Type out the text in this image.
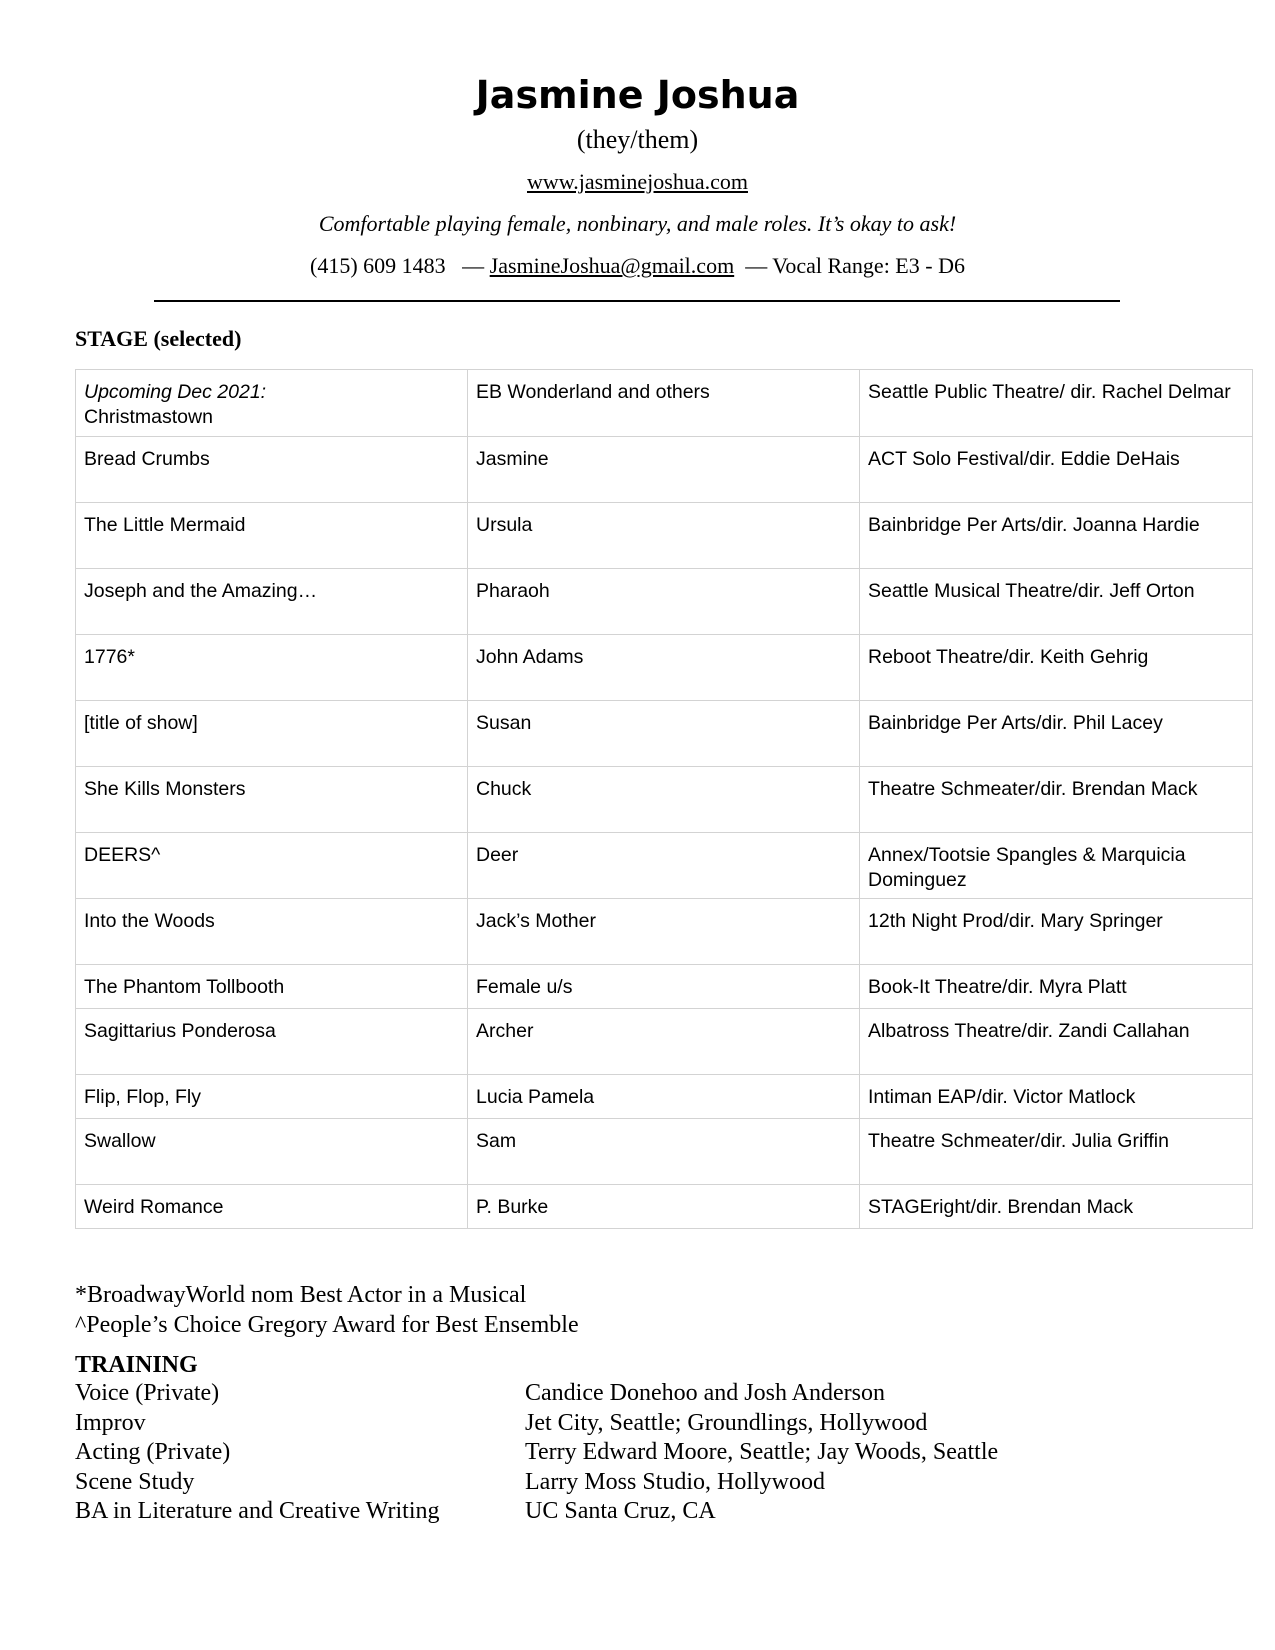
Jasmine Joshua
(they/them)
www.jasminejoshua.com
Comfortable playing female, nonbinary, and male roles. It’s okay to ask!
(415) 609 1483 — JasmineJoshua@gmail.com — Vocal Range: E3 - D6
STAGE (selected)
Upcoming Dec 2021:
Christmastown	EB Wonderland and others	Seattle Public Theatre/ dir. Rachel Delmar
Bread Crumbs	Jasmine	ACT Solo Festival/dir. Eddie DeHais
The Little Mermaid	Ursula	Bainbridge Per Arts/dir. Joanna Hardie
Joseph and the Amazing…	Pharaoh	Seattle Musical Theatre/dir. Jeff Orton
1776*	John Adams	Reboot Theatre/dir. Keith Gehrig
[title of show]	Susan	Bainbridge Per Arts/dir. Phil Lacey
She Kills Monsters	Chuck	Theatre Schmeater/dir. Brendan Mack
DEERS^	Deer	Annex/Tootsie Spangles & Marquicia Dominguez
Into the Woods	Jack’s Mother	12th Night Prod/dir. Mary Springer
The Phantom Tollbooth	Female u/s	Book-It Theatre/dir. Myra Platt
Sagittarius Ponderosa	Archer	Albatross Theatre/dir. Zandi Callahan
Flip, Flop, Fly	Lucia Pamela	Intiman EAP/dir. Victor Matlock
Swallow	Sam	Theatre Schmeater/dir. Julia Griffin
Weird Romance	P. Burke	STAGEright/dir. Brendan Mack
*BroadwayWorld nom Best Actor in a Musical
^People’s Choice Gregory Award for Best Ensemble
TRAINING
Voice (Private)	Candice Donehoo and Josh Anderson
Improv	Jet City, Seattle; Groundlings, Hollywood
Acting (Private)	Terry Edward Moore, Seattle; Jay Woods, Seattle
Scene Study	Larry Moss Studio, Hollywood
BA in Literature and Creative Writing	UC Santa Cruz, CA
